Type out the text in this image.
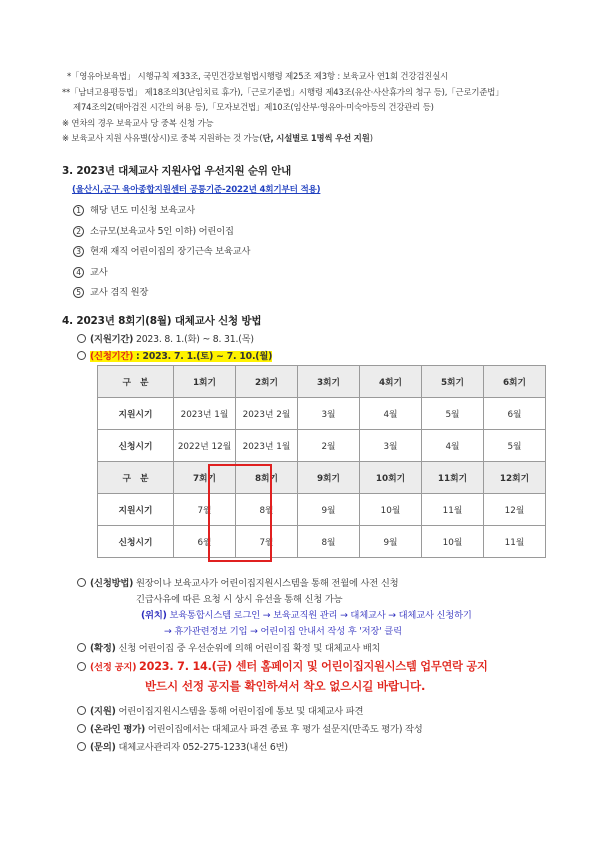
*「영유아보육법」 시행규칙 제33조, 국민건강보험법시행령 제25조 제3항 : 보육교사 연1회 건강검진실시
**「남녀고용평등법」 제18조의3(난임치료 휴가),「근로기준법」시행령 제43조(유산·사산휴가의 청구 등),「근로기준법」
제74조의2(태아검진 시간의 허용 등),「모자보건법」제10조(임산부·영유아·미숙아등의 건강관리 등)
※ 연차의 경우 보육교사 당 중복 신청 가능
※ 보육교사 지원 사유별(상시)로 중복 지원하는 것 가능(단, 시설별로 1명씩 우선 지원)
3. 2023년 대체교사 지원사업 우선지원 순위 안내
(울산시,군구 육아종합지원센터 공통기준-2022년 4회기부터 적용)
1 해당 년도 미신청 보육교사
2 소규모(보육교사 5인 이하) 어린이집
3 현재 재직 어린이집의 장기근속 보육교사
4 교사
5 교사 겸직 원장
4. 2023년 8회기(8월) 대체교사 신청 방법
(지원기간) 2023. 8. 1.(화) ~ 8. 31.(목)
(신청기간) : 2023. 7. 1.(토) ~ 7. 10.(월)
구분	1회기	2회기	3회기	4회기	5회기	6회기
지원시기	2023년 1월	2023년 2월	3월	4월	5월	6월
신청시기	2022년 12월	2023년 1월	2월	3월	4월	5월
구분	7회기	8회기	9회기	10회기	11회기	12회기
지원시기	7월	8월	9월	10월	11월	12월
신청시기	6월	7월	8월	9월	10월	11월
(신청방법) 원장이나 보육교사가 어린이집지원시스템을 통해 전월에 사전 신청
긴급사유에 따른 요청 시 상시 유선을 통해 신청 가능
(위치) 보육통합시스템 로그인 → 보육교직원 관리 → 대체교사 → 대체교사 신청하기
→ 휴가관련정보 기입 → 어린이집 안내서 작성 후 '저장' 클릭
(확정) 신청 어린이집 중 우선순위에 의해 어린이집 확정 및 대체교사 배치
(선정 공지) 2023. 7. 14.(금) 센터 홈페이지 및 어린이집지원시스템 업무연락 공지
반드시 선정 공지를 확인하셔서 착오 없으시길 바랍니다.
(지원) 어린이집지원시스템을 통해 어린이집에 통보 및 대체교사 파견
(온라인 평가) 어린이집에서는 대체교사 파견 종료 후 평가 설문지(만족도 평가) 작성
(문의) 대체교사관리자 052-275-1233(내선 6번)
